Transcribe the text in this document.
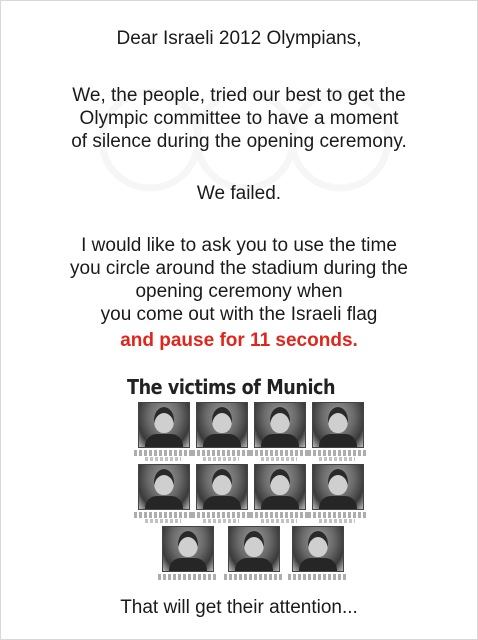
Dear Israeli 2012 Olympians,
We, the people, tried our best to get the
Olympic committee to have a moment
of silence during the opening ceremony.
We failed.
I would like to ask you to use the time
you circle around the stadium during the
opening ceremony when
you come out with the Israeli flag
and pause for 11 seconds.
The victims of Munich
That will get their attention...
